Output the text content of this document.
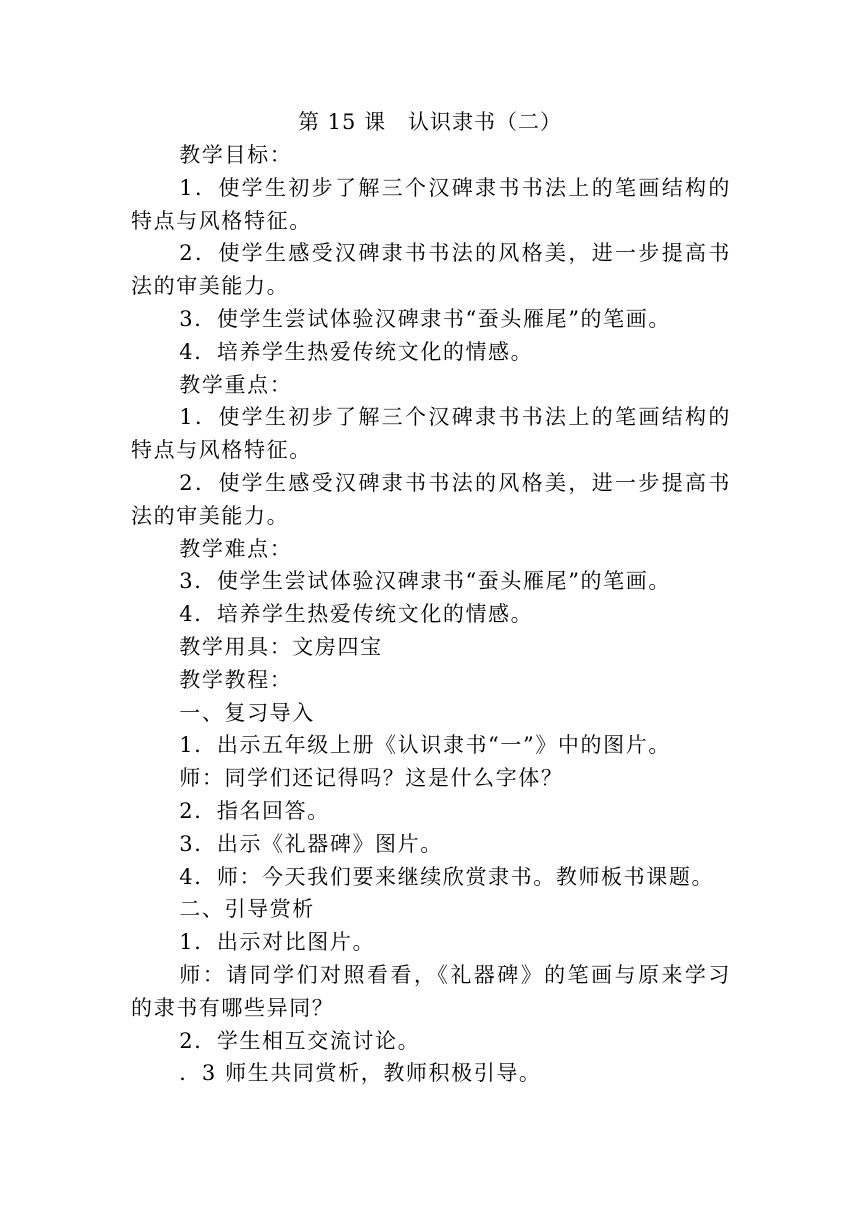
第 15 课　认识隶书（二）

教学目标：

1．使学生初步了解三个汉碑隶书书法上的笔画结构的特点与风格特征。

2．使学生感受汉碑隶书书法的风格美，进一步提高书法的审美能力。

3．使学生尝试体验汉碑隶书“蚕头雁尾”的笔画。

4．培养学生热爱传统文化的情感。

教学重点：

1．使学生初步了解三个汉碑隶书书法上的笔画结构的特点与风格特征。

2．使学生感受汉碑隶书书法的风格美，进一步提高书法的审美能力。

教学难点：

3．使学生尝试体验汉碑隶书“蚕头雁尾”的笔画。

4．培养学生热爱传统文化的情感。

教学用具：文房四宝

教学教程：

一、复习导入

1．出示五年级上册《认识隶书“一”》中的图片。

师：同学们还记得吗？这是什么字体？

2．指名回答。

3．出示《礼器碑》图片。

4．师：今天我们要来继续欣赏隶书。教师板书课题。

二、引导赏析

1．出示对比图片。

师：请同学们对照看看，《礼器碑》的笔画与原来学习的隶书有哪些异同？

2．学生相互交流讨论。

．3 师生共同赏析，教师积极引导。
